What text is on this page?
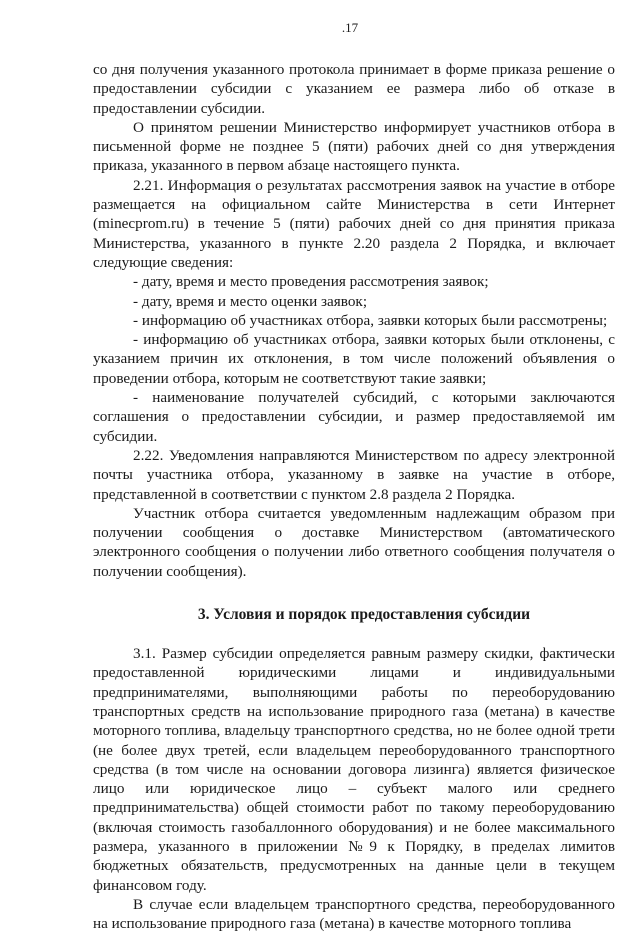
.17

со дня получения указанного протокола принимает в форме приказа решение о предоставлении субсидии с указанием ее размера либо об отказе в предоставлении субсидии.

О принятом решении Министерство информирует участников отбора в письменной форме не позднее 5 (пяти) рабочих дней со дня утверждения приказа, указанного в первом абзаце настоящего пункта.

2.21. Информация о результатах рассмотрения заявок на участие в отборе размещается на официальном сайте Министерства в сети Интернет (minecprom.ru) в течение 5 (пяти) рабочих дней со дня принятия приказа Министерства, указанного в пункте 2.20 раздела 2 Порядка, и включает следующие сведения:

- дату, время и место проведения рассмотрения заявок;

- дату, время и место оценки заявок;

- информацию об участниках отбора, заявки которых были рассмотрены;

- информацию об участниках отбора, заявки которых были отклонены, с указанием причин их отклонения, в том числе положений объявления о проведении отбора, которым не соответствуют такие заявки;

- наименование получателей субсидий, с которыми заключаются соглашения о предоставлении субсидии, и размер предоставляемой им субсидии.

2.22. Уведомления направляются Министерством по адресу электронной почты участника отбора, указанному в заявке на участие в отборе, представленной в соответствии с пунктом 2.8 раздела 2 Порядка.

Участник отбора считается уведомленным надлежащим образом при получении сообщения о доставке Министерством (автоматического электронного сообщения о получении либо ответного сообщения получателя о получении сообщения).

3. Условия и порядок предоставления субсидии

3.1. Размер субсидии определяется равным размеру скидки, фактически предоставленной юридическими лицами и индивидуальными предпринимателями, выполняющими работы по переоборудованию транспортных средств на использование природного газа (метана) в качестве моторного топлива, владельцу транспортного средства, но не более одной трети (не более двух третей, если владельцем переоборудованного транспортного средства (в том числе на основании договора лизинга) является физическое лицо или юридическое лицо – субъект малого или среднего предпринимательства) общей стоимости работ по такому переоборудованию (включая стоимость газобаллонного оборудования) и не более максимального размера, указанного в приложении №9 к Порядку, в пределах лимитов бюджетных обязательств, предусмотренных на данные цели в текущем финансовом году.

В случае если владельцем транспортного средства, переоборудованного на использование природного газа (метана) в качестве моторного топлива
